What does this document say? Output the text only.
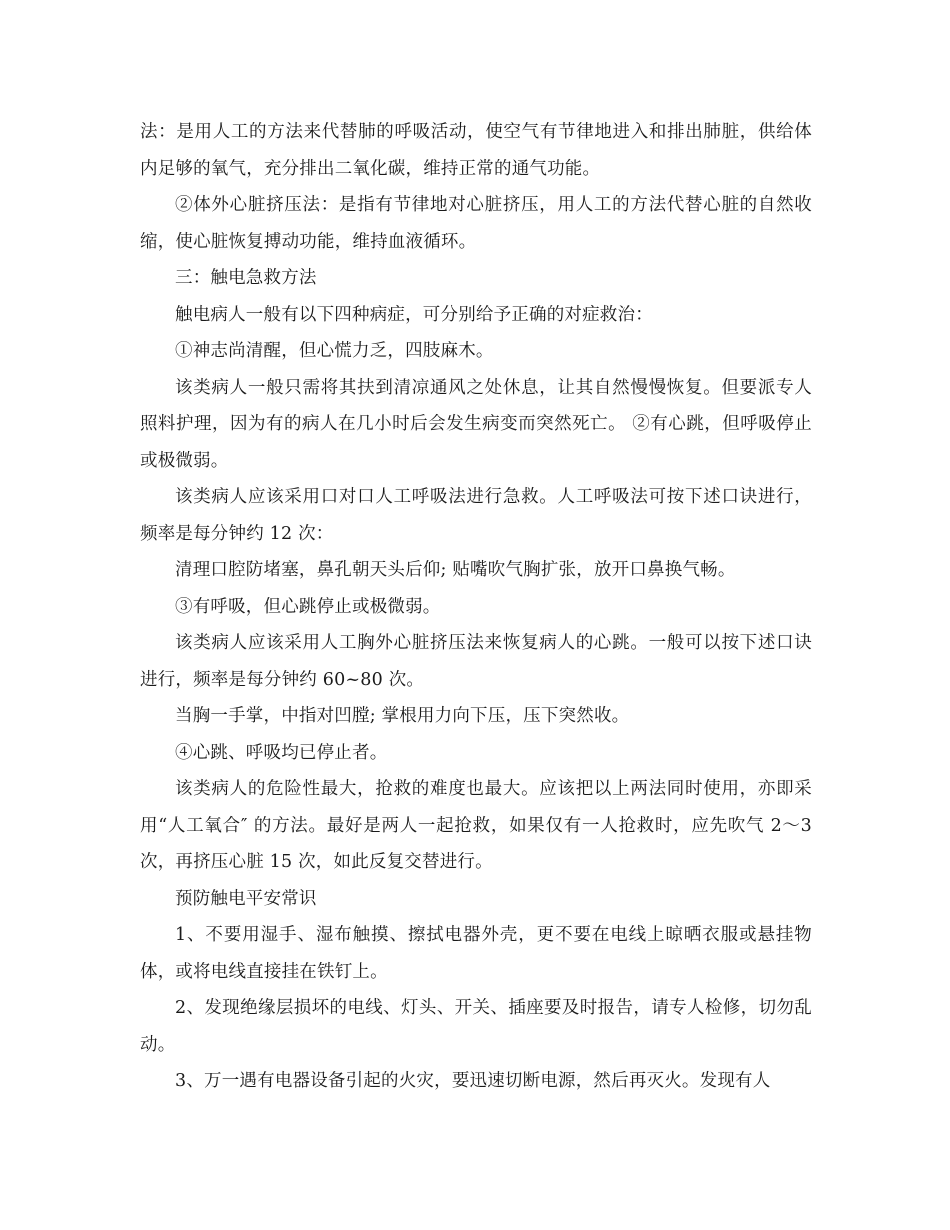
法：是用人工的方法来代替肺的呼吸活动，使空气有节律地进入和排出肺脏，供给体内足够的氧气，充分排出二氧化碳，维持正常的通气功能。

②体外心脏挤压法：是指有节律地对心脏挤压，用人工的方法代替心脏的自然收缩，使心脏恢复搏动功能，维持血液循环。

三：触电急救方法

触电病人一般有以下四种病症，可分别给予正确的对症救治：

①神志尚清醒，但心慌力乏，四肢麻木。

该类病人一般只需将其扶到清凉通风之处休息，让其自然慢慢恢复。但要派专人照料护理，因为有的病人在几小时后会发生病变而突然死亡。 ②有心跳，但呼吸停止或极微弱。

该类病人应该采用口对口人工呼吸法进行急救。人工呼吸法可按下述口诀进行，频率是每分钟约 12 次：

清理口腔防堵塞，鼻孔朝天头后仰; 贴嘴吹气胸扩张，放开口鼻换气畅。

③有呼吸，但心跳停止或极微弱。

该类病人应该采用人工胸外心脏挤压法来恢复病人的心跳。一般可以按下述口诀进行，频率是每分钟约 60~80 次。

当胸一手掌，中指对凹膛; 掌根用力向下压，压下突然收。

④心跳、呼吸均已停止者。

该类病人的危险性最大，抢救的难度也最大。应该把以上两法同时使用，亦即采用“人工氧合″ 的方法。最好是两人一起抢救，如果仅有一人抢救时，应先吹气 2～3 次，再挤压心脏 15 次，如此反复交替进行。

预防触电平安常识

1、不要用湿手、湿布触摸、擦拭电器外壳，更不要在电线上晾晒衣服或悬挂物体，或将电线直接挂在铁钉上。

2、发现绝缘层损坏的电线、灯头、开关、插座要及时报告，请专人检修，切勿乱动。

3、万一遇有电器设备引起的火灾，要迅速切断电源，然后再灭火。发现有人
